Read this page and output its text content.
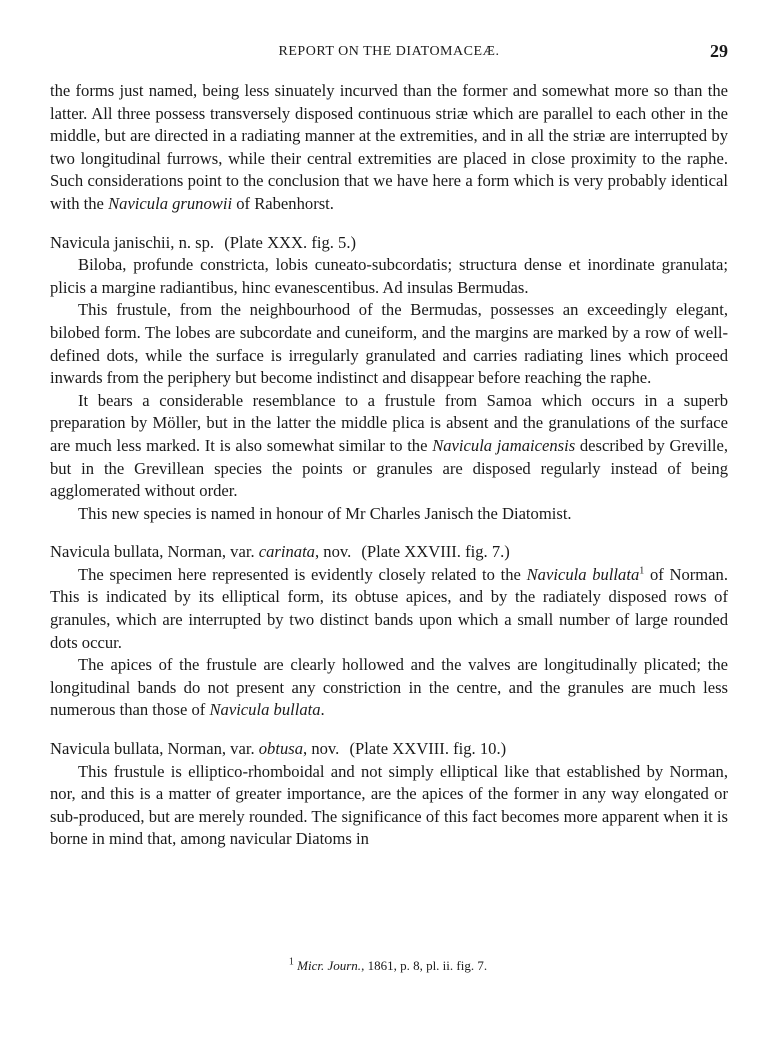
REPORT ON THE DIATOMACEÆ.	29

the forms just named, being less sinuately incurved than the former and somewhat more so than the latter. All three possess transversely disposed continuous striæ which are parallel to each other in the middle, but are directed in a radiating manner at the extremities, and in all the striæ are interrupted by two longitudinal furrows, while their central extremities are placed in close proximity to the raphe. Such considerations point to the conclusion that we have here a form which is very probably identical with the Navicula grunowii of Rabenhorst.

Navicula janischii, n. sp. (Plate XXX. fig. 5.)

Biloba, profunde constricta, lobis cuneato-subcordatis; structura dense et inordinate granulata; plicis a margine radiantibus, hinc evanescentibus. Ad insulas Bermudas.

This frustule, from the neighbourhood of the Bermudas, possesses an exceedingly elegant, bilobed form. The lobes are subcordate and cuneiform, and the margins are marked by a row of well-defined dots, while the surface is irregularly granulated and carries radiating lines which proceed inwards from the periphery but become indistinct and disappear before reaching the raphe.

It bears a considerable resemblance to a frustule from Samoa which occurs in a superb preparation by Möller, but in the latter the middle plica is absent and the granulations of the surface are much less marked. It is also somewhat similar to the Navicula jamaicensis described by Greville, but in the Grevillean species the points or granules are disposed regularly instead of being agglomerated without order.

This new species is named in honour of Mr Charles Janisch the Diatomist.

Navicula bullata, Norman, var. carinata, nov. (Plate XXVIII. fig. 7.)

The specimen here represented is evidently closely related to the Navicula bullata$^1$ of Norman. This is indicated by its elliptical form, its obtuse apices, and by the radiately disposed rows of granules, which are interrupted by two distinct bands upon which a small number of large rounded dots occur.

The apices of the frustule are clearly hollowed and the valves are longitudinally plicated; the longitudinal bands do not present any constriction in the centre, and the granules are much less numerous than those of Navicula bullata.

Navicula bullata, Norman, var. obtusa, nov. (Plate XXVIII. fig. 10.)

This frustule is elliptico-rhomboidal and not simply elliptical like that established by Norman, nor, and this is a matter of greater importance, are the apices of the former in any way elongated or sub-produced, but are merely rounded. The significance of this fact becomes more apparent when it is borne in mind that, among navicular Diatoms in

$^1$ Micr. Journ., 1861, p. 8, pl. ii. fig. 7.
